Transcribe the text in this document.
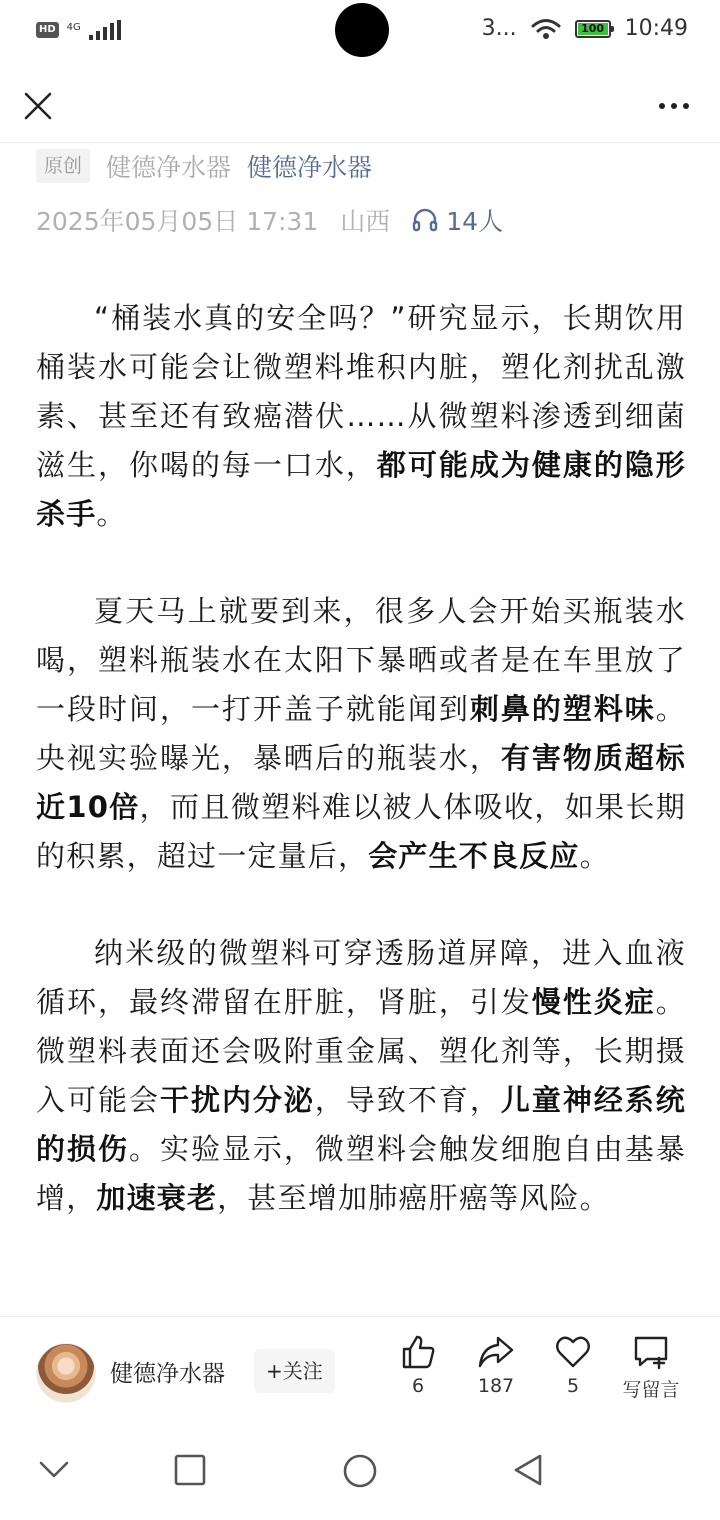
HD	4G	3...	100 10:49
原创 健德净水器 健德净水器
2025年05月05日 17:31 山西 14人

“桶装水真的安全吗？”研究显示，长期饮用桶装水可能会让微塑料堆积内脏，塑化剂扰乱激素、甚至还有致癌潜伏……从微塑料渗透到细菌滋生，你喝的每一口水，都可能成为健康的隐形杀手。

夏天马上就要到来，很多人会开始买瓶装水喝，塑料瓶装水在太阳下暴晒或者是在车里放了一段时间，一打开盖子就能闻到刺鼻的塑料味。央视实验曝光，暴晒后的瓶装水，有害物质超标近10倍，而且微塑料难以被人体吸收，如果长期的积累，超过一定量后，会产生不良反应。

纳米级的微塑料可穿透肠道屏障，进入血液循环，最终滞留在肝脏，肾脏，引发慢性炎症。微塑料表面还会吸附重金属、塑化剂等，长期摄入可能会干扰内分泌，导致不育，儿童神经系统的损伤。实验显示，微塑料会触发细胞自由基暴增，加速衰老，甚至增加肺癌肝癌等风险。

健德净水器	+关注
6	187	5	写留言
